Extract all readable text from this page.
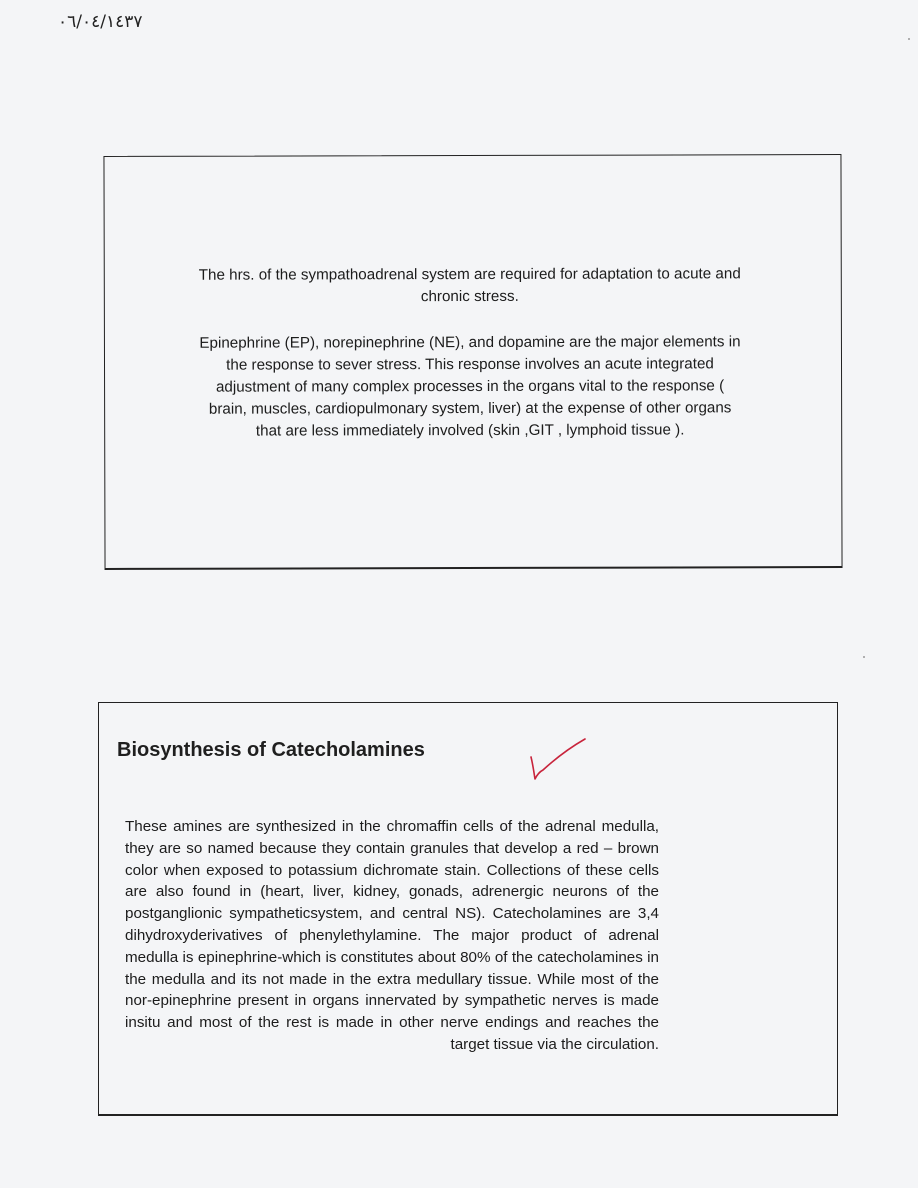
٠٦/٠٤/١٤٣٧

The hrs. of the sympathoadrenal system are required for adaptation to acute and chronic stress.

Epinephrine (EP), norepinephrine (NE), and dopamine are the major elements in the response to sever stress. This response involves an acute integrated adjustment of many complex processes in the organs vital to the response ( brain, muscles, cardiopulmonary system, liver) at the expense of other organs that are less immediately involved (skin ,GIT , lymphoid tissue ).

Biosynthesis of Catecholamines

These amines are synthesized in the chromaffin cells of the adrenal medulla, they are so named because they contain granules that develop a red – brown color when exposed to potassium dichromate stain. Collections of these cells are also found in (heart, liver, kidney, gonads, adrenergic neurons of the postganglionic sympatheticsystem, and central NS). Catecholamines are 3,4 dihydroxyderivatives of phenylethylamine. The major product of adrenal medulla is epinephrine-which is constitutes about 80% of the catecholamines in the medulla and its not made in the extra medullary tissue. While most of the nor-epinephrine present in organs innervated by sympathetic nerves is made insitu and most of the rest is made in other nerve endings and reaches the target tissue via the circulation.
